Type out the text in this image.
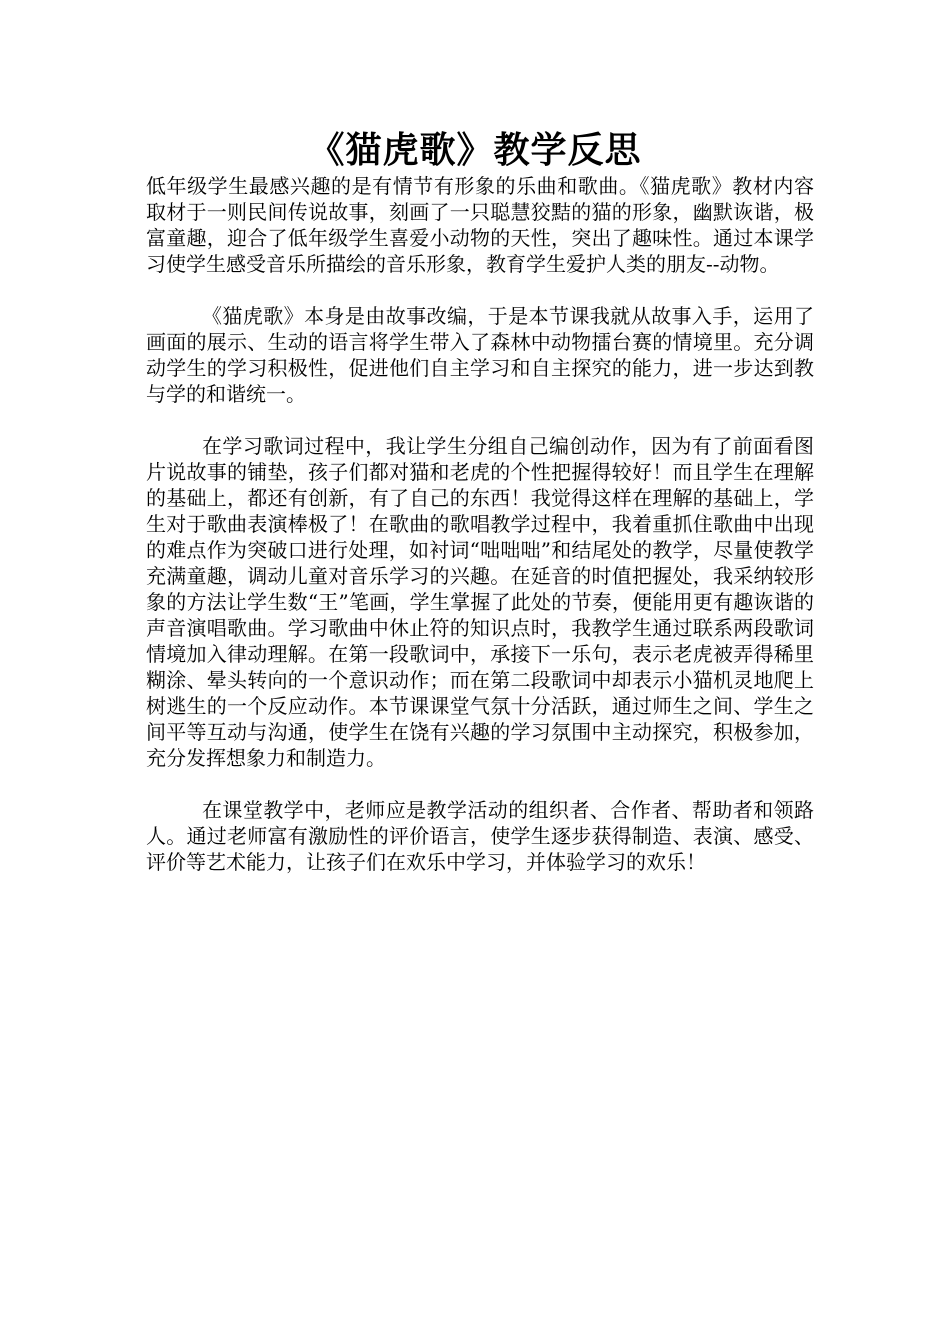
《猫虎歌》教学反思

低年级学生最感兴趣的是有情节有形象的乐曲和歌曲。《猫虎歌》教材内容取材于一则民间传说故事，刻画了一只聪慧狡黠的猫的形象，幽默诙谐，极富童趣，迎合了低年级学生喜爱小动物的天性，突出了趣味性。通过本课学习使学生感受音乐所描绘的音乐形象，教育学生爱护人类的朋友--动物。

《猫虎歌》本身是由故事改编，于是本节课我就从故事入手，运用了画面的展示、生动的语言将学生带入了森林中动物擂台赛的情境里。充分调动学生的学习积极性，促进他们自主学习和自主探究的能力，进一步达到教与学的和谐统一。

在学习歌词过程中，我让学生分组自己编创动作，因为有了前面看图片说故事的铺垫，孩子们都对猫和老虎的个性把握得较好！而且学生在理解的基础上，都还有创新，有了自己的东西！我觉得这样在理解的基础上，学生对于歌曲表演棒极了！在歌曲的歌唱教学过程中，我着重抓住歌曲中出现的难点作为突破口进行处理，如衬词“咄咄咄”和结尾处的教学，尽量使教学充满童趣，调动儿童对音乐学习的兴趣。在延音的时值把握处，我采纳较形象的方法让学生数“王”笔画，学生掌握了此处的节奏，便能用更有趣诙谐的声音演唱歌曲。学习歌曲中休止符的知识点时，我教学生通过联系两段歌词情境加入律动理解。在第一段歌词中，承接下一乐句，表示老虎被弄得稀里糊涂、晕头转向的一个意识动作；而在第二段歌词中却表示小猫机灵地爬上树逃生的一个反应动作。本节课课堂气氛十分活跃，通过师生之间、学生之间平等互动与沟通，使学生在饶有兴趣的学习氛围中主动探究，积极参加，充分发挥想象力和制造力。

在课堂教学中，老师应是教学活动的组织者、合作者、帮助者和领路人。通过老师富有激励性的评价语言，使学生逐步获得制造、表演、感受、评价等艺术能力，让孩子们在欢乐中学习，并体验学习的欢乐！
